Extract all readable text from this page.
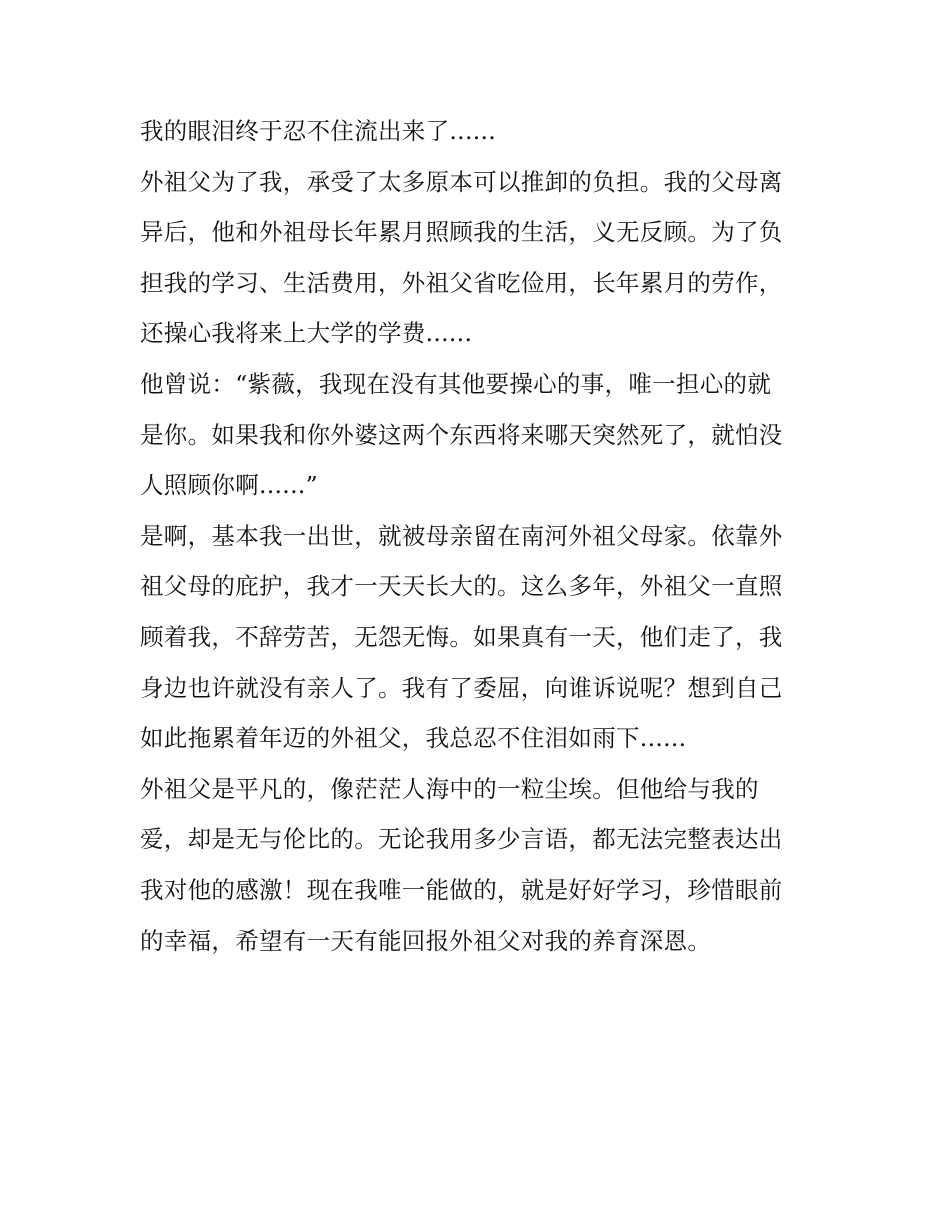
我的眼泪终于忍不住流出来了......
外祖父为了我，承受了太多原本可以推卸的负担。我的父母离
异后，他和外祖母长年累月照顾我的生活，义无反顾。为了负
担我的学习、生活费用，外祖父省吃俭用，长年累月的劳作，
还操心我将来上大学的学费......
他曾说：“紫薇，我现在没有其他要操心的事，唯一担心的就
是你。如果我和你外婆这两个东西将来哪天突然死了，就怕没
人照顾你啊......”
是啊，基本我一出世，就被母亲留在南河外祖父母家。依靠外
祖父母的庇护，我才一天天长大的。这么多年，外祖父一直照
顾着我，不辞劳苦，无怨无悔。如果真有一天，他们走了，我
身边也许就没有亲人了。我有了委屈，向谁诉说呢？想到自己
如此拖累着年迈的外祖父，我总忍不住泪如雨下......
外祖父是平凡的，像茫茫人海中的一粒尘埃。但他给与我的
爱，却是无与伦比的。无论我用多少言语，都无法完整表达出
我对他的感激！现在我唯一能做的，就是好好学习，珍惜眼前
的幸福，希望有一天有能回报外祖父对我的养育深恩。
